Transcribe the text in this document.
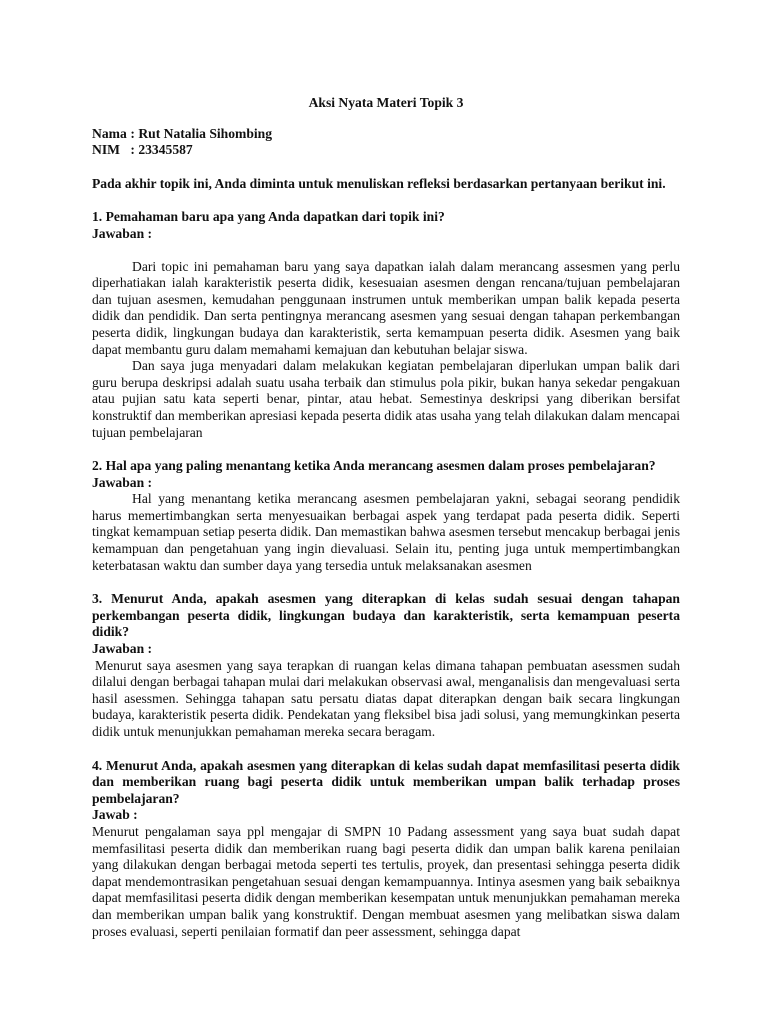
Aksi Nyata Materi Topik 3

Nama : Rut Natalia Sihombing

NIM : 23345587

Pada akhir topik ini, Anda diminta untuk menuliskan refleksi berdasarkan pertanyaan berikut ini.

1. Pemahaman baru apa yang Anda dapatkan dari topik ini?

Jawaban :

Dari topic ini pemahaman baru yang saya dapatkan ialah dalam merancang assesmen yang perlu diperhatiakan ialah karakteristik peserta didik, kesesuaian asesmen dengan rencana/tujuan pembelajaran dan tujuan asesmen, kemudahan penggunaan instrumen untuk memberikan umpan balik kepada peserta didik dan pendidik. Dan serta pentingnya merancang asesmen yang sesuai dengan tahapan perkembangan peserta didik, lingkungan budaya dan karakteristik, serta kemampuan peserta didik. Asesmen yang baik dapat membantu guru dalam memahami kemajuan dan kebutuhan belajar siswa.

Dan saya juga menyadari dalam melakukan kegiatan pembelajaran diperlukan umpan balik dari guru berupa deskripsi adalah suatu usaha terbaik dan stimulus pola pikir, bukan hanya sekedar pengakuan atau pujian satu kata seperti benar, pintar, atau hebat. Semestinya deskripsi yang diberikan bersifat konstruktif dan memberikan apresiasi kepada peserta didik atas usaha yang telah dilakukan dalam mencapai tujuan pembelajaran

2. Hal apa yang paling menantang ketika Anda merancang asesmen dalam proses pembelajaran?

Jawaban :

Hal yang menantang ketika merancang asesmen pembelajaran yakni, sebagai seorang pendidik harus memertimbangkan serta menyesuaikan berbagai aspek yang terdapat pada peserta didik. Seperti tingkat kemampuan setiap peserta didik. Dan memastikan bahwa asesmen tersebut mencakup berbagai jenis kemampuan dan pengetahuan yang ingin dievaluasi. Selain itu, penting juga untuk mempertimbangkan keterbatasan waktu dan sumber daya yang tersedia untuk melaksanakan asesmen

3. Menurut Anda, apakah asesmen yang diterapkan di kelas sudah sesuai dengan tahapan perkembangan peserta didik, lingkungan budaya dan karakteristik, serta kemampuan peserta didik?

Jawaban :

Menurut saya asesmen yang saya terapkan di ruangan kelas dimana tahapan pembuatan asessmen sudah dilalui dengan berbagai tahapan mulai dari melakukan observasi awal, menganalisis dan mengevaluasi serta hasil asessmen. Sehingga tahapan satu persatu diatas dapat diterapkan dengan baik secara lingkungan budaya, karakteristik peserta didik. Pendekatan yang fleksibel bisa jadi solusi, yang memungkinkan peserta didik untuk menunjukkan pemahaman mereka secara beragam.

4. Menurut Anda, apakah asesmen yang diterapkan di kelas sudah dapat memfasilitasi peserta didik dan memberikan ruang bagi peserta didik untuk memberikan umpan balik terhadap proses pembelajaran?

Jawab :

Menurut pengalaman saya ppl mengajar di SMPN 10 Padang assessment yang saya buat sudah dapat memfasilitasi peserta didik dan memberikan ruang bagi peserta didik dan umpan balik karena penilaian yang dilakukan dengan berbagai metoda seperti tes tertulis, proyek, dan presentasi sehingga peserta didik dapat mendemontrasikan pengetahuan sesuai dengan kemampuannya. Intinya asesmen yang baik sebaiknya dapat memfasilitasi peserta didik dengan memberikan kesempatan untuk menunjukkan pemahaman mereka dan memberikan umpan balik yang konstruktif. Dengan membuat asesmen yang melibatkan siswa dalam proses evaluasi, seperti penilaian formatif dan peer assessment, sehingga dapat
